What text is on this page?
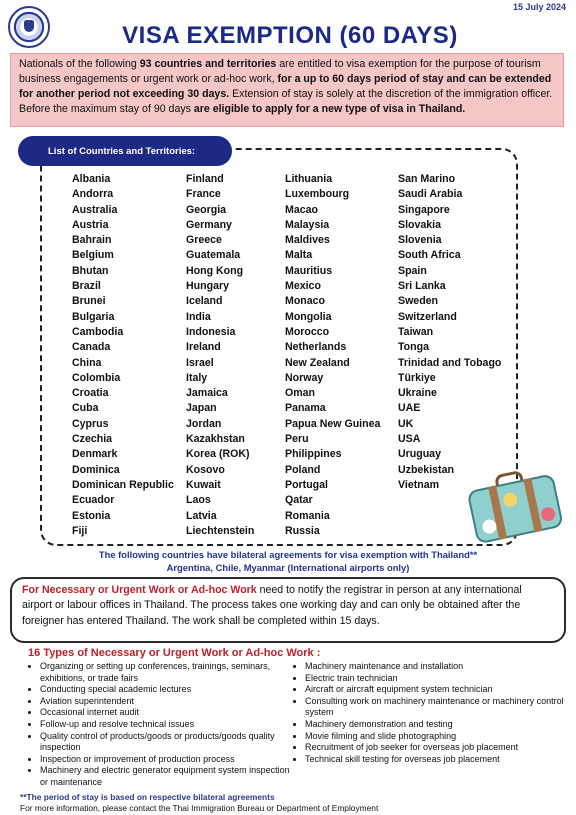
15 July 2024
VISA EXEMPTION (60 DAYS)
Nationals of the following 93 countries and territories are entitled to visa exemption for the purpose of tourism business engagements or urgent work or ad-hoc work, for a up to 60 days period of stay and can be extended for another period not exceeding 30 days. Extension of stay is solely at the discretion of the immigration officer. Before the maximum stay of 90 days are eligible to apply for a new type of visa in Thailand.
List of Countries and Territories:
Albania
Andorra
Australia
Austria
Bahrain
Belgium
Bhutan
Brazil
Brunei
Bulgaria
Cambodia
Canada
China
Colombia
Croatia
Cuba
Cyprus
Czechia
Denmark
Dominica
Dominican Republic
Ecuador
Estonia
Fiji
Finland
France
Georgia
Germany
Greece
Guatemala
Hong Kong
Hungary
Iceland
India
Indonesia
Ireland
Israel
Italy
Jamaica
Japan
Jordan
Kazakhstan
Korea (ROK)
Kosovo
Kuwait
Laos
Latvia
Liechtenstein
Lithuania
Luxembourg
Macao
Malaysia
Maldives
Malta
Mauritius
Mexico
Monaco
Mongolia
Morocco
Netherlands
New Zealand
Norway
Oman
Panama
Papua New Guinea
Peru
Philippines
Poland
Portugal
Qatar
Romania
Russia
San Marino
Saudi Arabia
Singapore
Slovakia
Slovenia
South Africa
Spain
Sri Lanka
Sweden
Switzerland
Taiwan
Tonga
Trinidad and Tobago
Türkiye
Ukraine
UAE
UK
USA
Uruguay
Uzbekistan
Vietnam
The following countries have bilateral agreements for visa exemption with Thailand**
Argentina, Chile, Myanmar (International airports only)
For Necessary or Urgent Work or Ad-hoc Work need to notify the registrar in person at any international airport or labour offices in Thailand. The process takes one working day and can only be obtained after the foreigner has entered Thailand. The work shall be completed within 15 days.
16 Types of Necessary or Urgent Work or Ad-hoc Work :
• Organizing or setting up conferences, trainings, seminars, exhibitions, or trade fairs
• Conducting special academic lectures
• Aviation superintendent
• Occasional internet audit
• Follow-up and resolve technical issues
• Quality control of products/goods or products/goods quality inspection
• Inspection or improvement of production process
• Machinery and electric generator equipment system inspection or maintenance
• Machinery maintenance and installation
• Electric train technician
• Aircraft or aircraft equipment system technician
• Consulting work on machinery maintenance or machinery control system
• Machinery demonstration and testing
• Movie filming and slide photographing
• Recruitment of job seeker for overseas job placement
• Technical skill testing for overseas job placement
**The period of stay is based on respective bilateral agreements
For more information, please contact the Thai Immigration Bureau or Department of Employment
